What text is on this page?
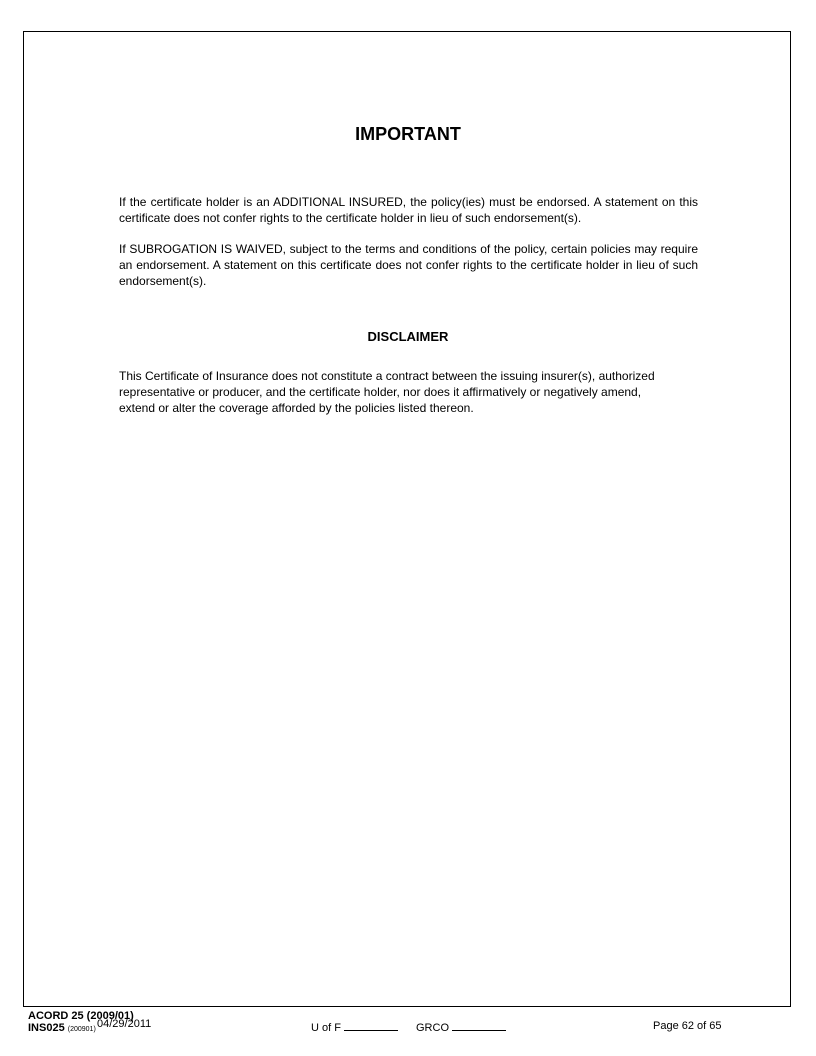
IMPORTANT

If the certificate holder is an ADDITIONAL INSURED, the policy(ies) must be endorsed. A statement on this certificate does not confer rights to the certificate holder in lieu of such endorsement(s).

If SUBROGATION IS WAIVED, subject to the terms and conditions of the policy, certain policies may require an endorsement. A statement on this certificate does not confer rights to the certificate holder in lieu of such endorsement(s).

DISCLAIMER

This Certificate of Insurance does not constitute a contract between the issuing insurer(s), authorized representative or producer, and the certificate holder, nor does it affirmatively or negatively amend, extend or alter the coverage afforded by the policies listed thereon.

ACORD 25 (2009/01)
INS025 (200901) 04/29/2011	U of F	GRCO	Page 62 of 65
